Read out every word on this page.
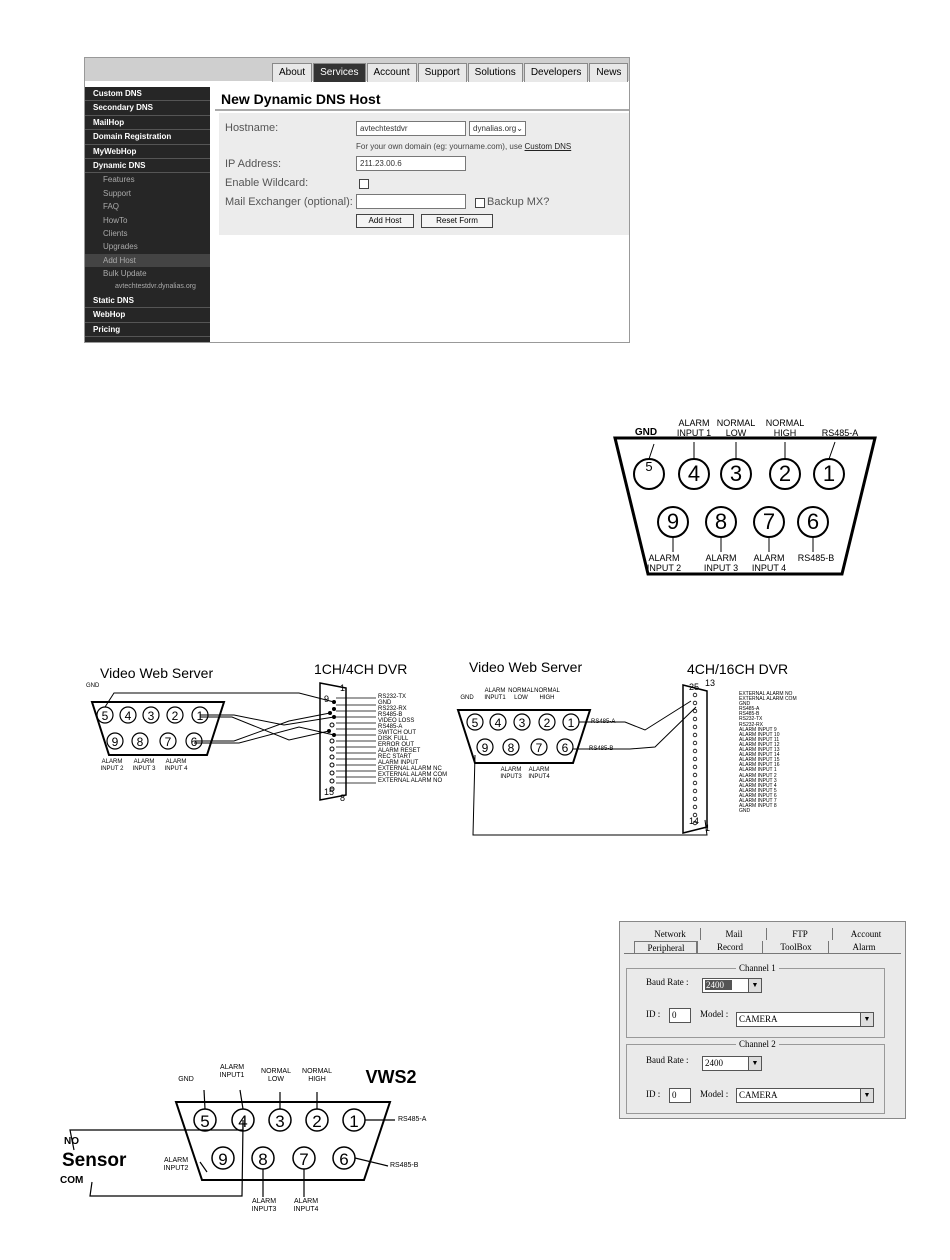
About	Services	Account	Support	Solutions	Developers	News
Custom DNS
Secondary DNS
MailHop
Domain Registration
MyWebHop
Dynamic DNS
Features
Support
FAQ
HowTo
Clients
Upgrades
Add Host
Bulk Update
avtechtestdvr.dynalias.org
Static DNS
WebHop
Pricing
New Dynamic DNS Host
Hostname:	avtechtestdvr	dynalias.org ⌄
For your own domain (eg: yourname.com), use Custom DNS
IP Address:	211.23.00.6
Enable Wildcard:
Mail Exchanger (optional):	Backup MX?
Add Host	Reset Form
5	4	3	2	1
9	8	7	6
GND
ALARM
INPUT 1
NORMAL
LOW
NORMAL
HIGH	RS485-A
ALARM
INPUT 2
ALARM
INPUT 3
ALARM
INPUT 4
RS485-B
Video Web Server	1CH/4CH DVR
GND
5	4	3	2	1
9	8	7	6
ALARM
INPUT 2
ALARM
INPUT 3
ALARM
INPUT 4
9
1
15
8
RS232-TX
GND
RS232-RX
RS485-B
VIDEO LOSS
RS485-A
SWITCH OUT
DISK FULL
ERROR OUT
ALARM RESET
REC START
ALARM INPUT
EXTERNAL ALARM NC
EXTERNAL ALARM COM
EXTERNAL ALARM NO
Video Web Server	4CH/16CH DVR
GND
ALARM
INPUT1
NORMAL
LOW
NORMAL
HIGH
5	4	3	2	1
9	8	7	6
RS485-A
RS485-B
ALARM
INPUT3
ALARM
INPUT4
25 13
14
1
EXTERNAL ALARM NO
EXTERNAL ALARM COM
GND
RS485-A
RS485-B
RS232-TX
RS232-RX
ALARM INPUT 9
ALARM INPUT 10
ALARM INPUT 11
ALARM INPUT 12
ALARM INPUT 13
ALARM INPUT 14
ALARM INPUT 15
ALARM INPUT 16
ALARM INPUT 1
ALARM INPUT 2
ALARM INPUT 3
ALARM INPUT 4
ALARM INPUT 5
ALARM INPUT 6
ALARM INPUT 7
ALARM INPUT 8
GND
Network	Mail	FTP	Account
Peripheral	Record	ToolBox	Alarm
Channel 1
Baud Rate :	2400	▼
ID :	0	Model :	CAMERA	▼
Channel 2
Baud Rate :	2400	▼
ID :	0	Model :	CAMERA	▼
5 4 3 2 1
9 8 7 6
VWS2
GND
ALARM
INPUT1
NORMAL
LOW
NORMAL
HIGH
RS485-A
RS485-B
ALARM
INPUT2
ALARM
INPUT3
ALARM
INPUT4
NO
Sensor
COM
